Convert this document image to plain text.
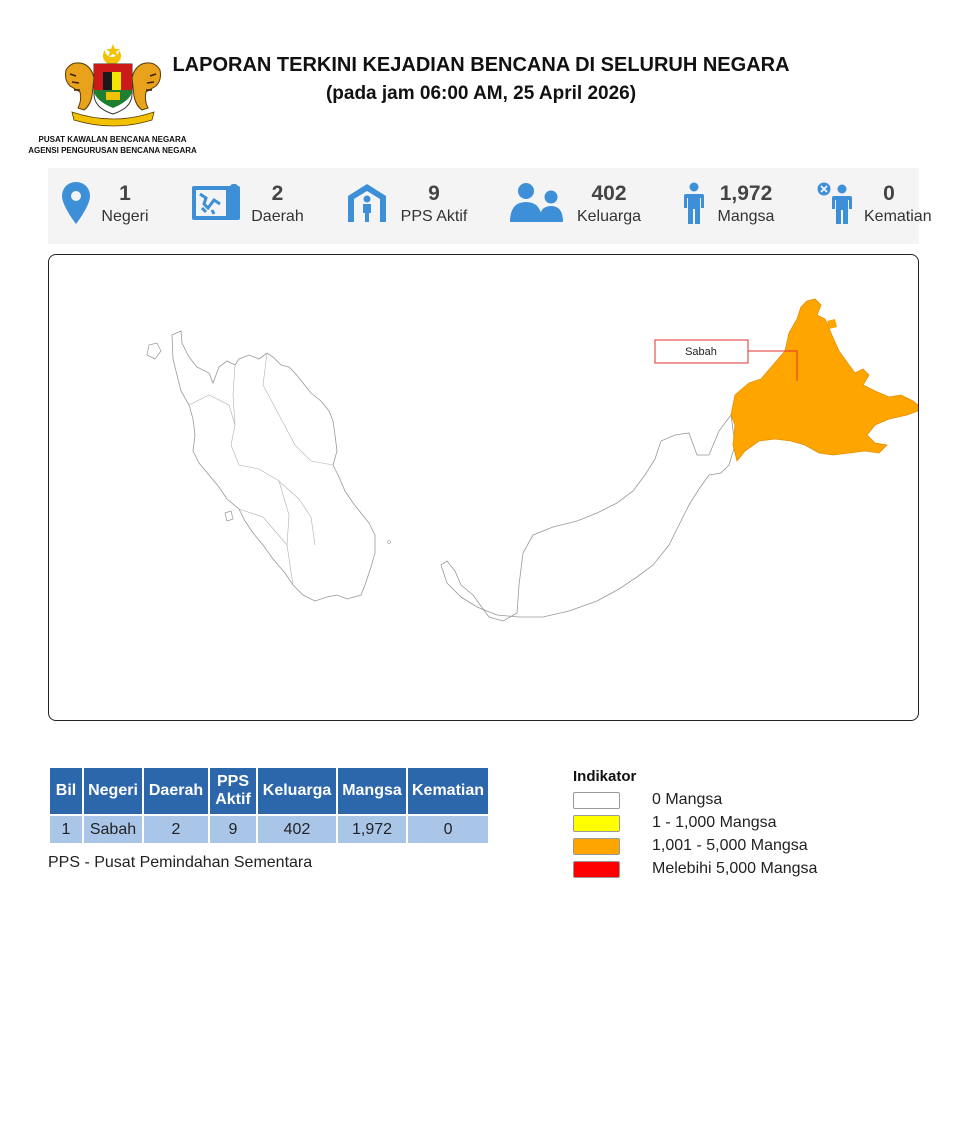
PUSAT KAWALAN BENCANA NEGARA
AGENSI PENGURUSAN BENCANA NEGARA
LAPORAN TERKINI KEJADIAN BENCANA DI SELURUH NEGARA
(pada jam 06:00 AM, 25 April 2026)
1
Negeri
2
Daerah
9
PPS Aktif
402
Keluarga
1,972
Mangsa
0
Kematian
Sabah
Bil	Negeri	Daerah	PPS Aktif	Keluarga	Mangsa	Kematian
1	Sabah	2	9	402	1,972	0
PPS - Pusat Pemindahan Sementara
Indikator
0 Mangsa
1 - 1,000 Mangsa
1,001 - 5,000 Mangsa
Melebihi 5,000 Mangsa
